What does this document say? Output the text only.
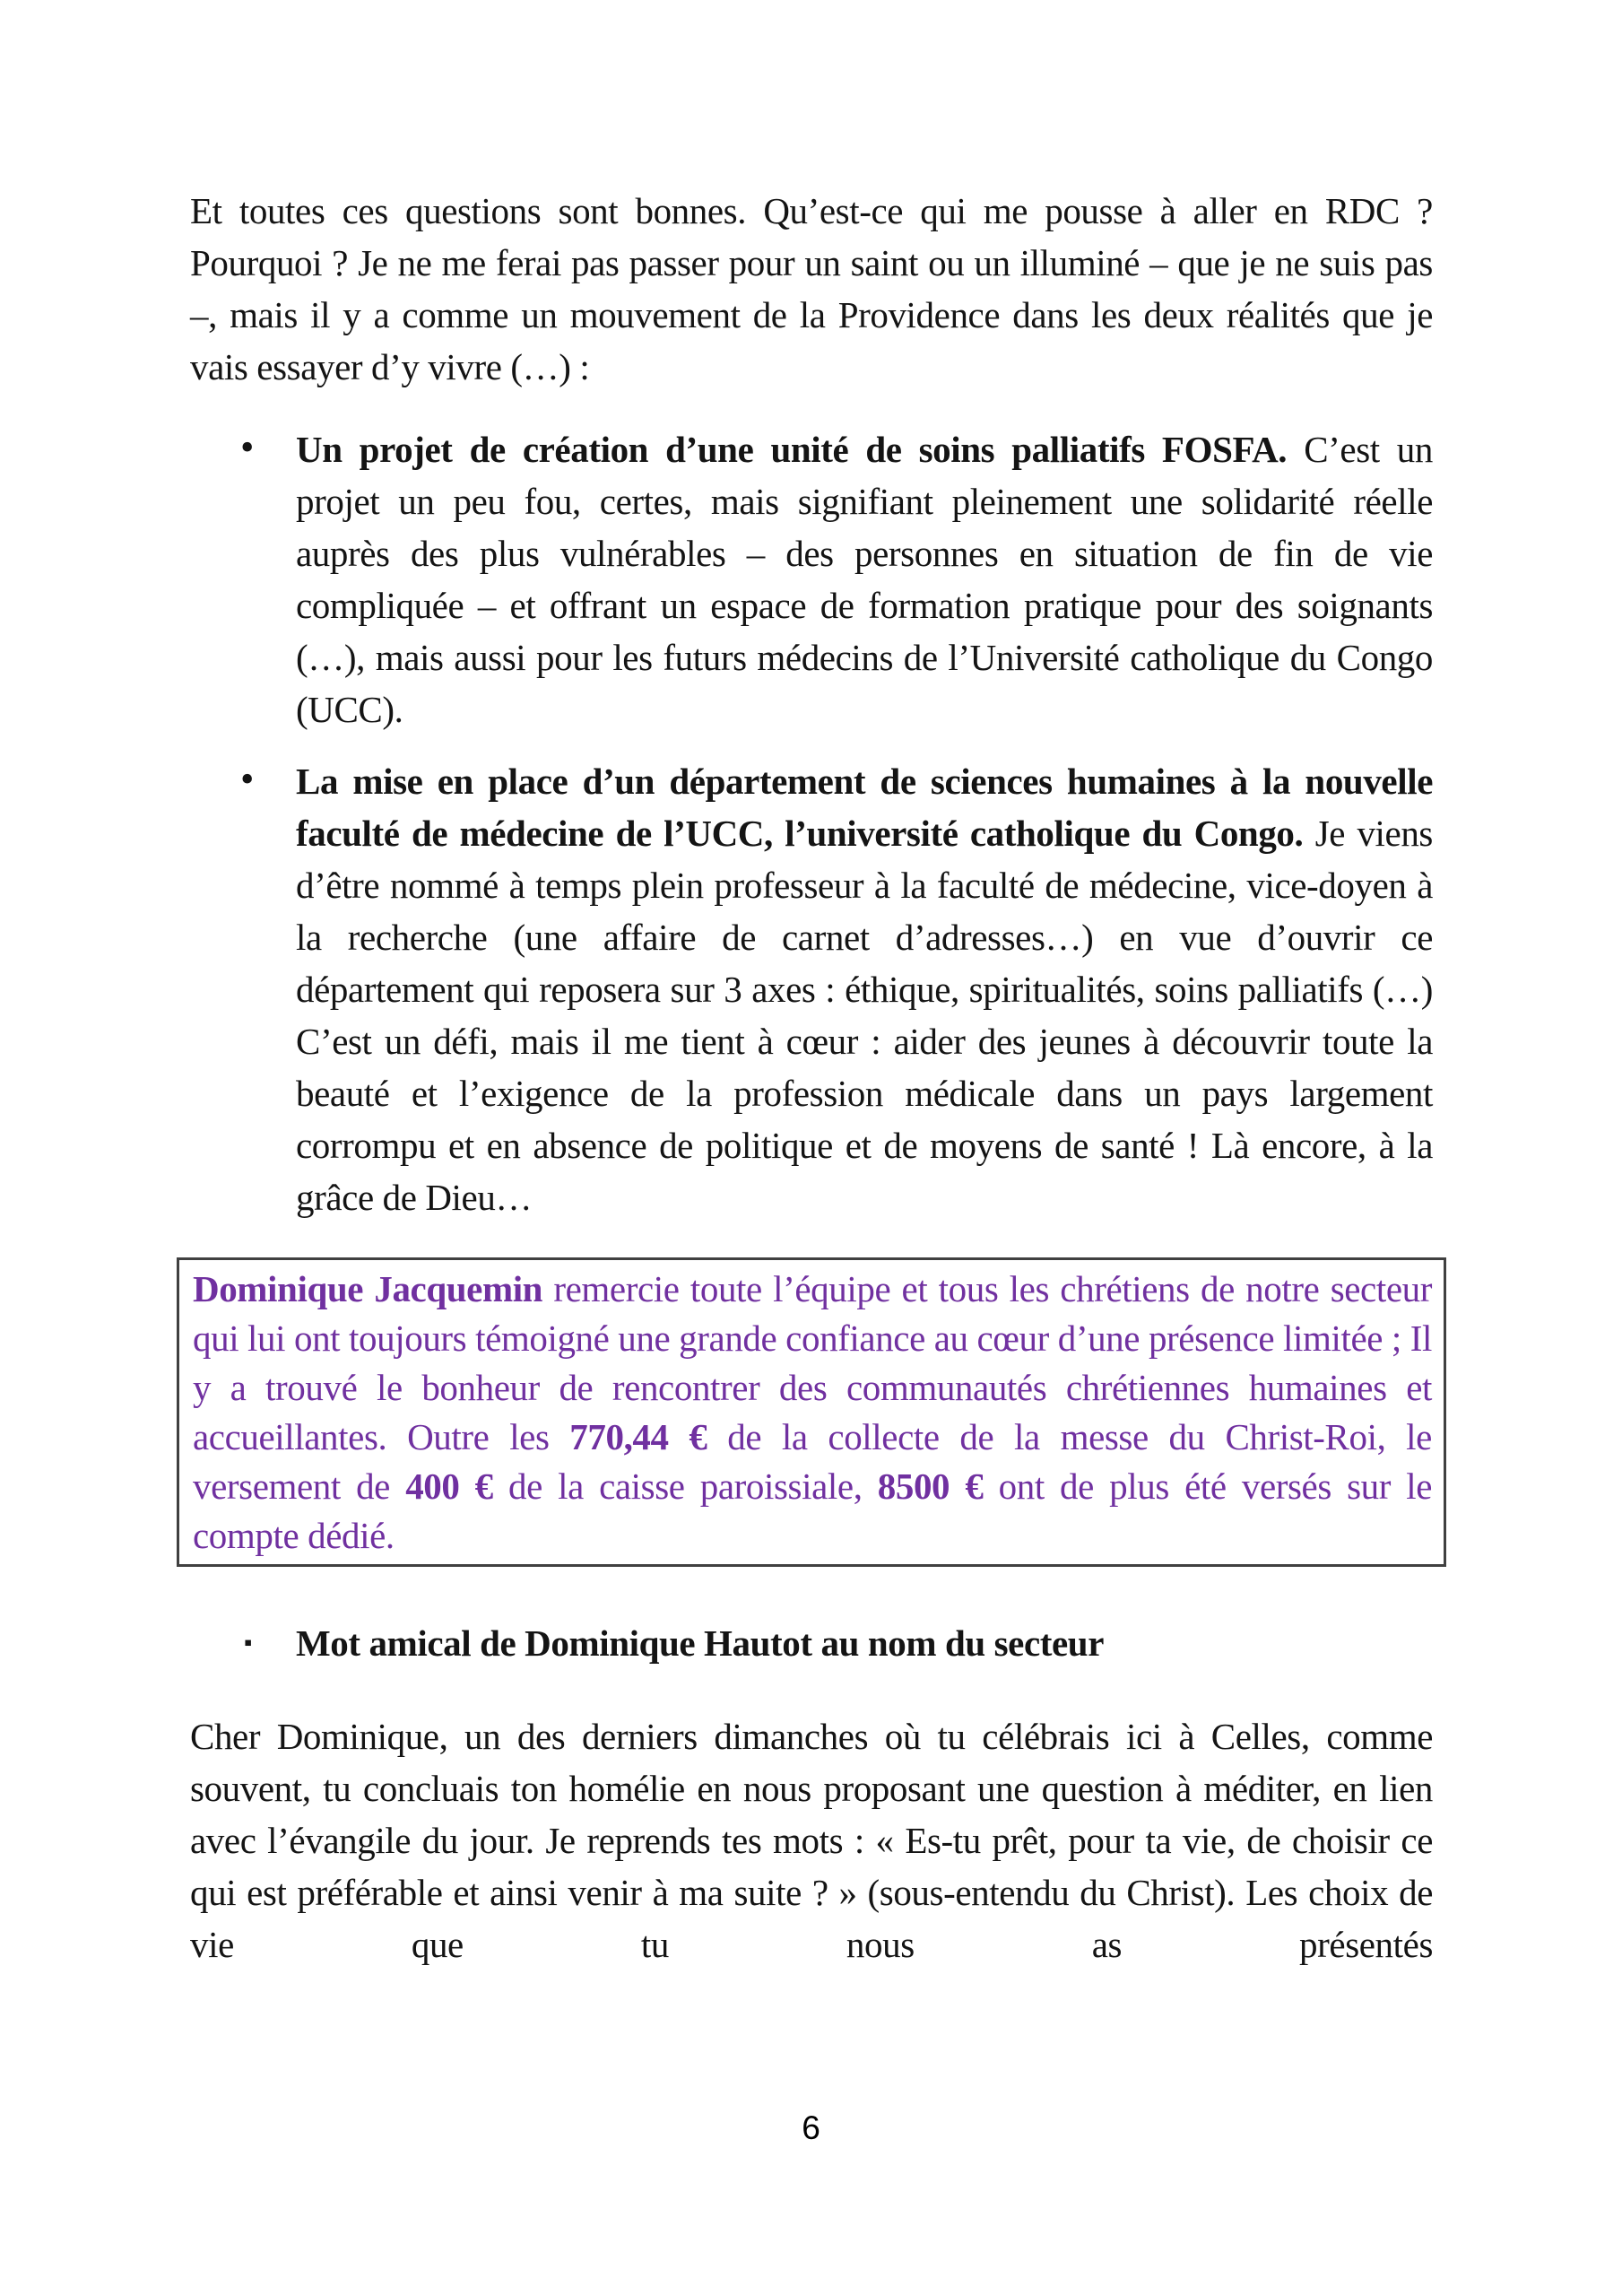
Et toutes ces questions sont bonnes. Qu’est-ce qui me pousse à aller en RDC ? Pourquoi ? Je ne me ferai pas passer pour un saint ou un illuminé – que je ne suis pas –, mais il y a comme un mouvement de la Providence dans les deux réalités que je vais essayer d’y vivre (…) :

• Un projet de création d’une unité de soins palliatifs FOSFA. C’est un projet un peu fou, certes, mais signifiant pleinement une solidarité réelle auprès des plus vulnérables – des personnes en situation de fin de vie compliquée – et offrant un espace de formation pratique pour des soignants (…), mais aussi pour les futurs médecins de l’Université catholique du Congo (UCC).
• La mise en place d’un département de sciences humaines à la nouvelle faculté de médecine de l’UCC, l’université catholique du Congo. Je viens d’être nommé à temps plein professeur à la faculté de médecine, vice-doyen à la recherche (une affaire de carnet d’adresses…) en vue d’ouvrir ce département qui reposera sur 3 axes : éthique, spiritualités, soins palliatifs (…) C’est un défi, mais il me tient à cœur : aider des jeunes à découvrir toute la beauté et l’exigence de la profession médicale dans un pays largement corrompu et en absence de politique et de moyens de santé ! Là encore, à la grâce de Dieu…

Dominique Jacquemin remercie toute l’équipe et tous les chrétiens de notre secteur qui lui ont toujours témoigné une grande confiance au cœur d’une présence limitée ; Il y a trouvé le bonheur de rencontrer des communautés chrétiennes humaines et accueillantes. Outre les 770,44 € de la collecte de la messe du Christ-Roi, le versement de 400 € de la caisse paroissiale, 8500 € ont de plus été versés sur le compte dédié.

▪ Mot amical de Dominique Hautot au nom du secteur

Cher Dominique, un des derniers dimanches où tu célébrais ici à Celles, comme souvent, tu concluais ton homélie en nous proposant une question à méditer, en lien avec l’évangile du jour. Je reprends tes mots : « Es-tu prêt, pour ta vie, de choisir ce qui est préférable et ainsi venir à ma suite ? » (sous-entendu du Christ). Les choix de vie que tu nous as présentés

6
